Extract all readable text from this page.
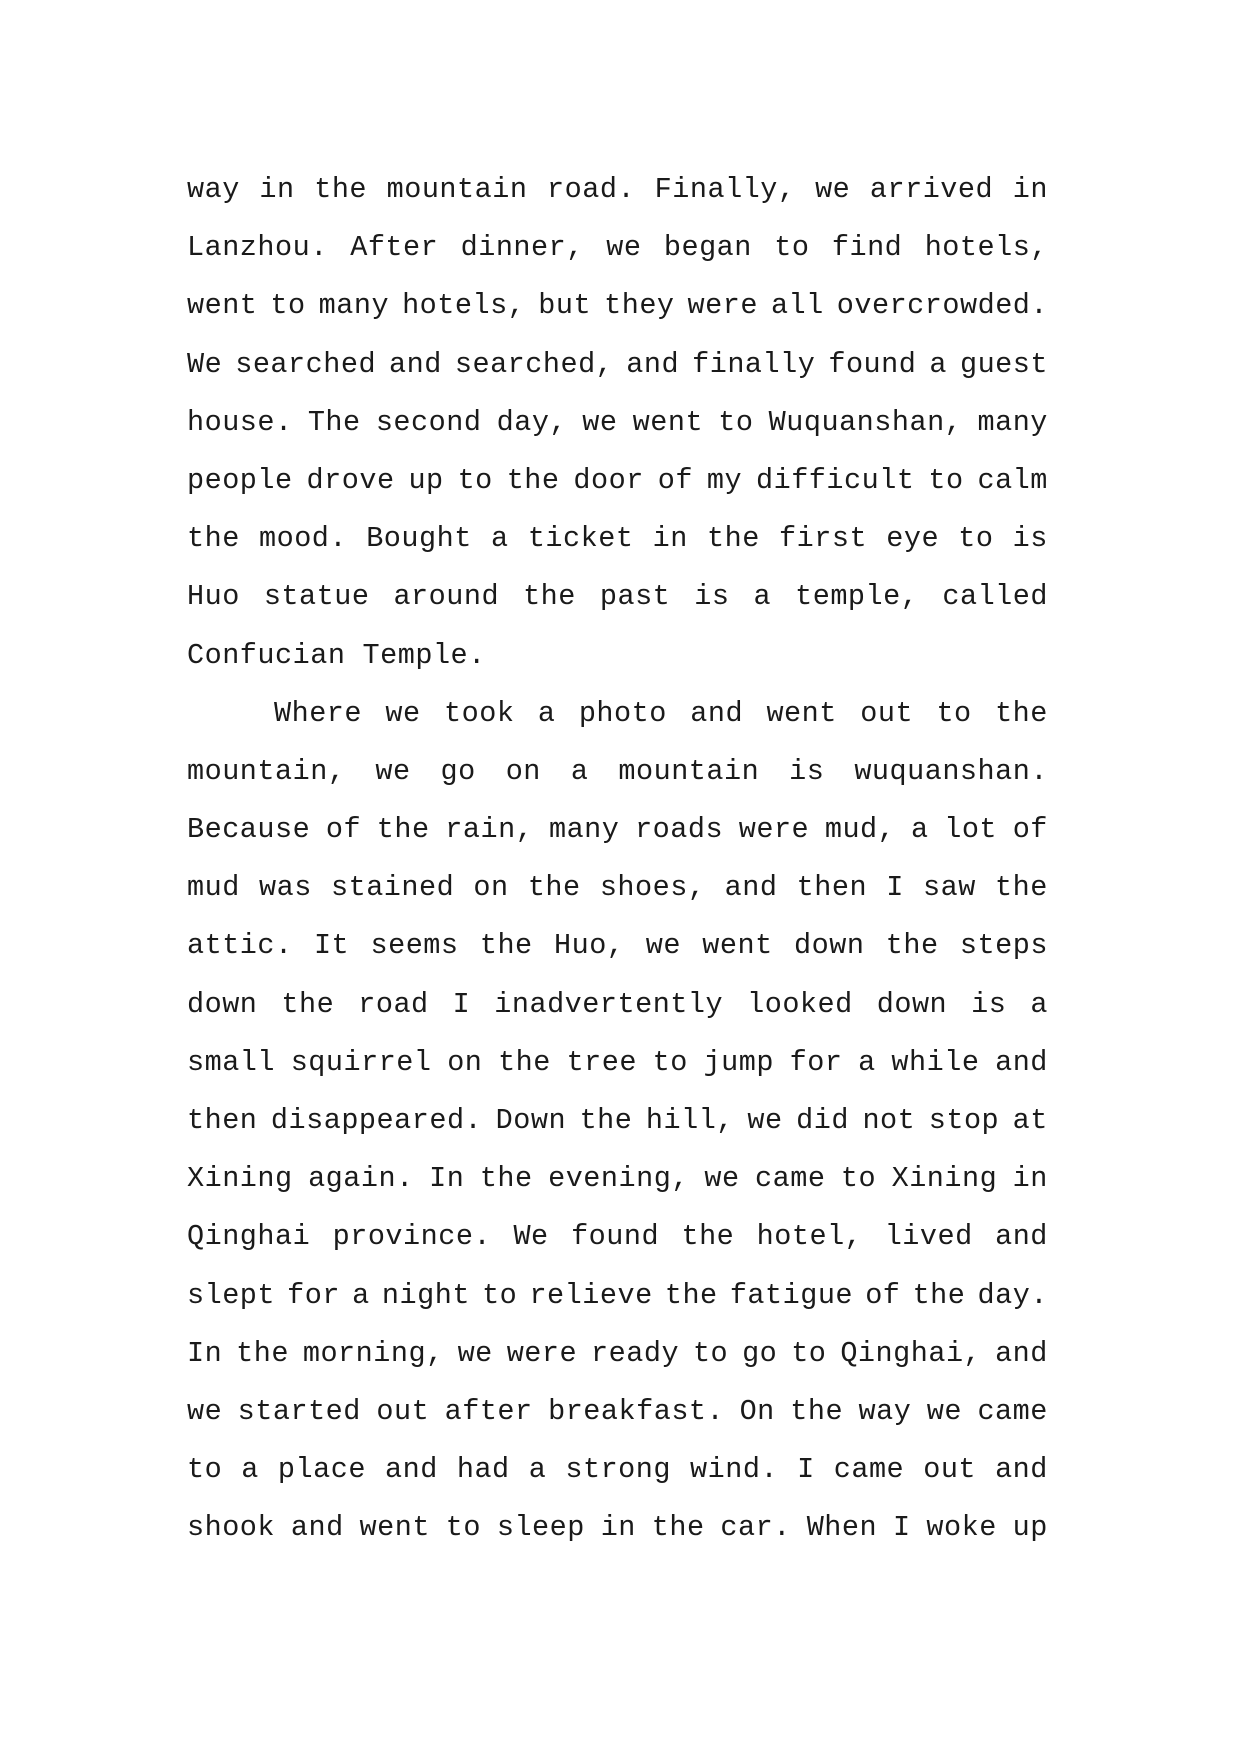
way in the mountain road. Finally, we arrived in
Lanzhou. After dinner, we began to find hotels,
went to many hotels, but they were all overcrowded.
We searched and searched, and finally found a guest
house. The second day, we went to Wuquanshan, many
people drove up to the door of my difficult to calm
the mood. Bought a ticket in the first eye to is
Huo statue around the past is a temple, called
Confucian Temple.
Where we took a photo and went out to the
mountain, we go on a mountain is wuquanshan.
Because of the rain, many roads were mud, a lot of
mud was stained on the shoes, and then I saw the
attic. It seems the Huo, we went down the steps
down the road I inadvertently looked down is a
small squirrel on the tree to jump for a while and
then disappeared. Down the hill, we did not stop at
Xining again. In the evening, we came to Xining in
Qinghai province. We found the hotel, lived and
slept for a night to relieve the fatigue of the day.
In the morning, we were ready to go to Qinghai, and
we started out after breakfast. On the way we came
to a place and had a strong wind. I came out and
shook and went to sleep in the car. When I woke up
